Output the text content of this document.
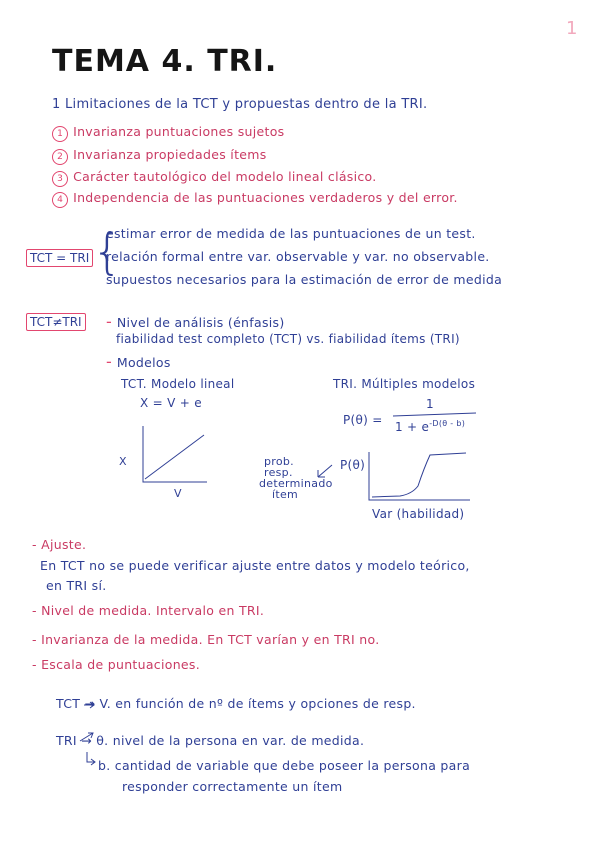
1
TEMA 4. TRI.
1 Limitaciones de la TCT y propuestas dentro de la TRI.
1 Invarianza puntuaciones sujetos
2 Invarianza propiedades ítems
3 Carácter tautológico del modelo lineal clásico.
4 Independencia de las puntuaciones verdaderos y del error.
TCT = TRI {
estimar error de medida de las puntuaciones de un test.
relación formal entre var. observable y var. no observable.
supuestos necesarios para la estimación de error de medida
TCT≠TRI - Nivel de análisis (énfasis)
fiabilidad test completo (TCT) vs. fiabilidad ítems (TRI)
- Modelos
TCT. Modelo lineal
X = V + e
X
V
TRI. Múltiples modelos
P(θ) =
1
$1 + e^{-D(\theta - b)}$
P(θ)
prob.
resp.
determinado
ítem
Var (habilidad)
- Ajuste.
En TCT no se puede verificar ajuste entre datos y modelo teórico,
en TRI sí.
- Nivel de medida. Intervalo en TRI.
- Invarianza de la medida. En TCT varían y en TRI no.
- Escala de puntuaciones.
TCT → V. en función de nº de ítems y opciones de resp.
TRI → θ. nivel de la persona en var. de medida.
b. cantidad de variable que debe poseer la persona para
responder correctamente un ítem
